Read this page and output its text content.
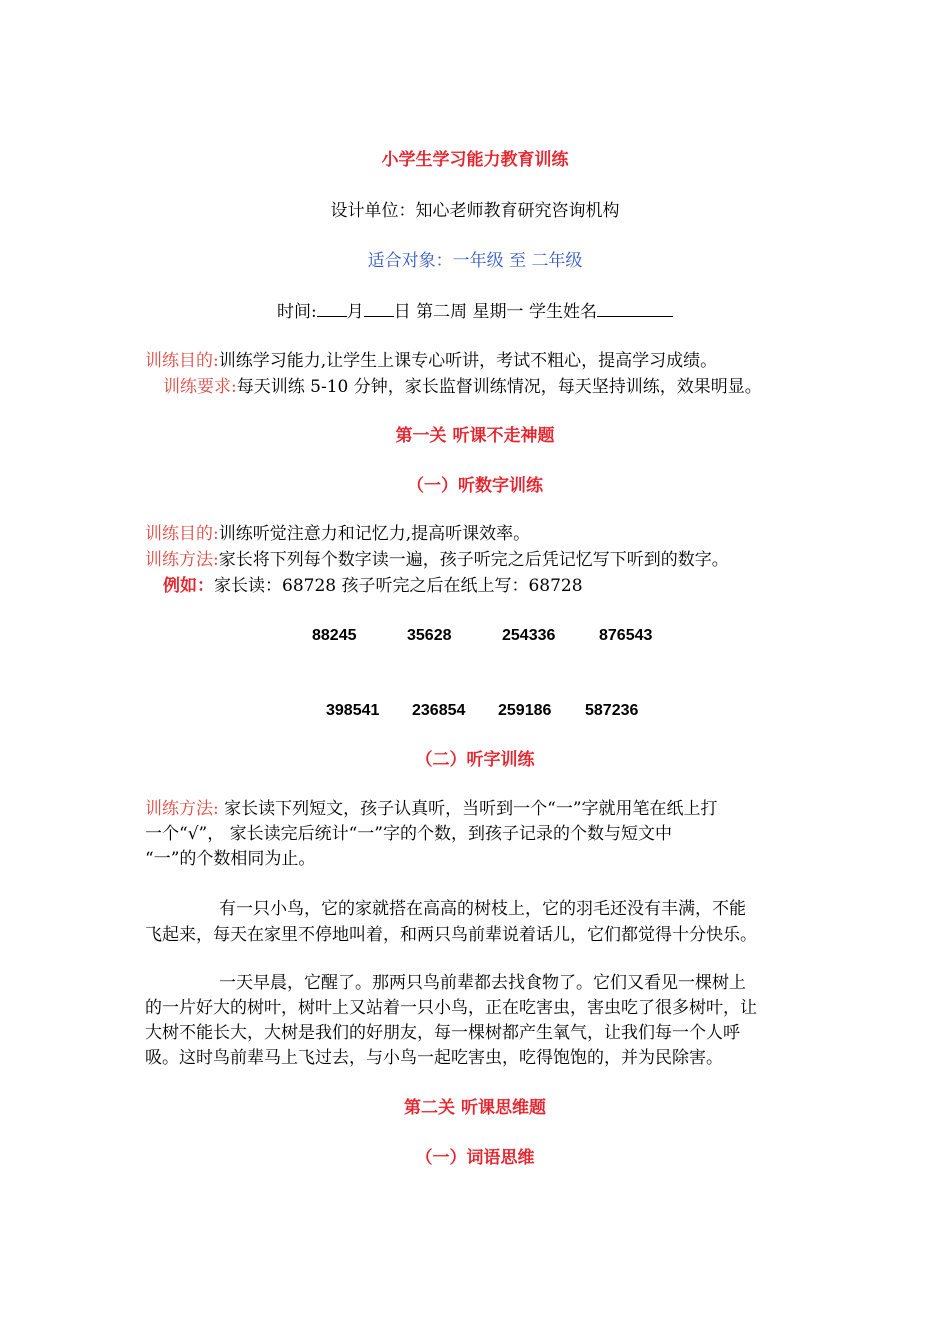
小学生学习能力教育训练
设计单位：知心老师教育研究咨询机构
适合对象：一年级 至 二年级
时间: 月 日 第二周 星期一 学生姓名
训练目的:训练学习能力,让学生上课专心听讲，考试不粗心，提高学习成绩。
训练要求:每天训练 5-10 分钟，家长监督训练情况，每天坚持训练，效果明显。
第一关 听课不走神题
（一）听数字训练
训练目的:训练听觉注意力和记忆力,提高听课效率。
训练方法:家长将下列每个数字读一遍，孩子听完之后凭记忆写下听到的数字。
例如：家长读：68728 孩子听完之后在纸上写：68728
88245	35628	254336	876543
398541 236854 259186 587236
（二）听字训练
训练方法: 家长读下列短文，孩子认真听，当听到一个“一”字就用笔在纸上打
一个“√”， 家长读完后统计“一”字的个数，到孩子记录的个数与短文中
“一”的个数相同为止。
有一只小鸟，它的家就搭在高高的树枝上，它的羽毛还没有丰满，不能
飞起来，每天在家里不停地叫着，和两只鸟前辈说着话儿，它们都觉得十分快乐。
一天早晨，它醒了。那两只鸟前辈都去找食物了。它们又看见一棵树上
的一片好大的树叶，树叶上又站着一只小鸟，正在吃害虫，害虫吃了很多树叶，让
大树不能长大，大树是我们的好朋友，每一棵树都产生氧气，让我们每一个人呼
吸。这时鸟前辈马上飞过去，与小鸟一起吃害虫，吃得饱饱的，并为民除害。
第二关 听课思维题
（一）词语思维
